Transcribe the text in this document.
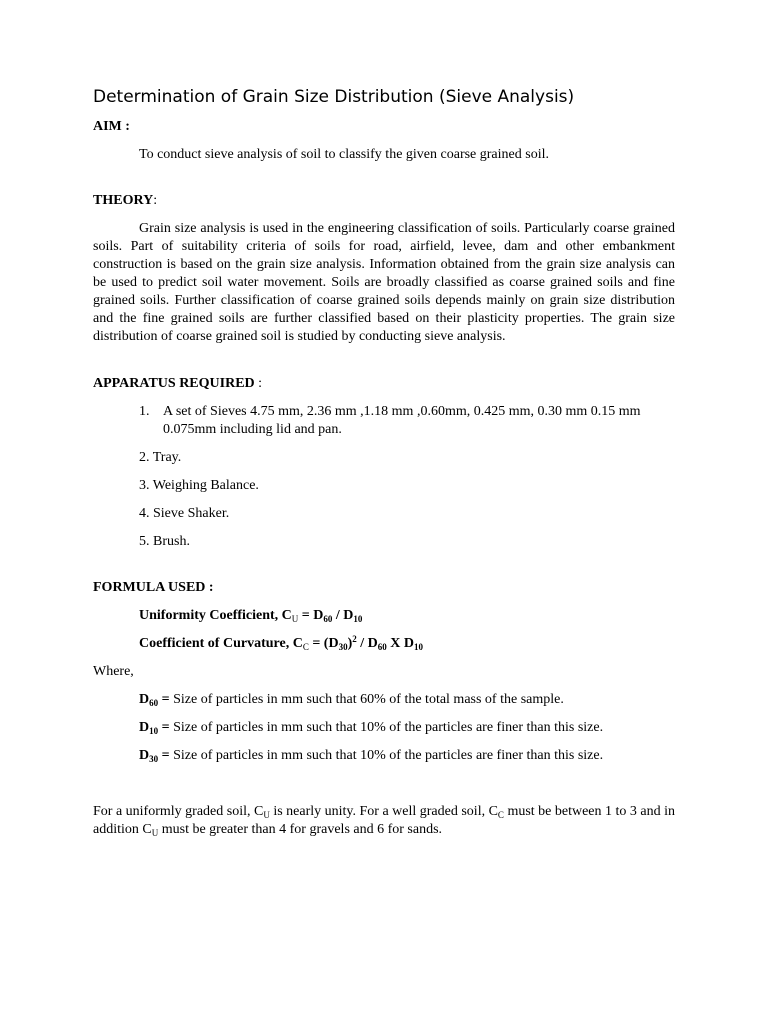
Determination of Grain Size Distribution (Sieve Analysis)

AIM :

To conduct sieve analysis of soil to classify the given coarse grained soil.

THEORY:

Grain size analysis is used in the engineering classification of soils. Particularly coarse grained soils. Part of suitability criteria of soils for road, airfield, levee, dam and other embankment construction is based on the grain size analysis. Information obtained from the grain size analysis can be used to predict soil water movement. Soils are broadly classified as coarse grained soils and fine grained soils. Further classification of coarse grained soils depends mainly on grain size distribution and the fine grained soils are further classified based on their plasticity properties. The grain size distribution of coarse grained soil is studied by conducting sieve analysis.

APPARATUS REQUIRED :

1. A set of Sieves 4.75 mm, 2.36 mm ,1.18 mm ,0.60mm, 0.425 mm, 0.30 mm 0.15 mm 0.075mm including lid and pan.

2. Tray.

3. Weighing Balance.

4. Sieve Shaker.

5. Brush.

FORMULA USED :

Uniformity Coefficient, $C_U = D_{60} / D_{10}$

Coefficient of Curvature, $C_C = (D_{30})^2 / D_{60}$ X $D_{10}$

Where,

$D_{60}$ = Size of particles in mm such that 60% of the total mass of the sample.

$D_{10}$ = Size of particles in mm such that 10% of the particles are finer than this size.

$D_{30}$ = Size of particles in mm such that 10% of the particles are finer than this size.

For a uniformly graded soil, $C_U$ is nearly unity. For a well graded soil, $C_C$ must be between 1 to 3 and in addition $C_U$ must be greater than 4 for gravels and 6 for sands.
